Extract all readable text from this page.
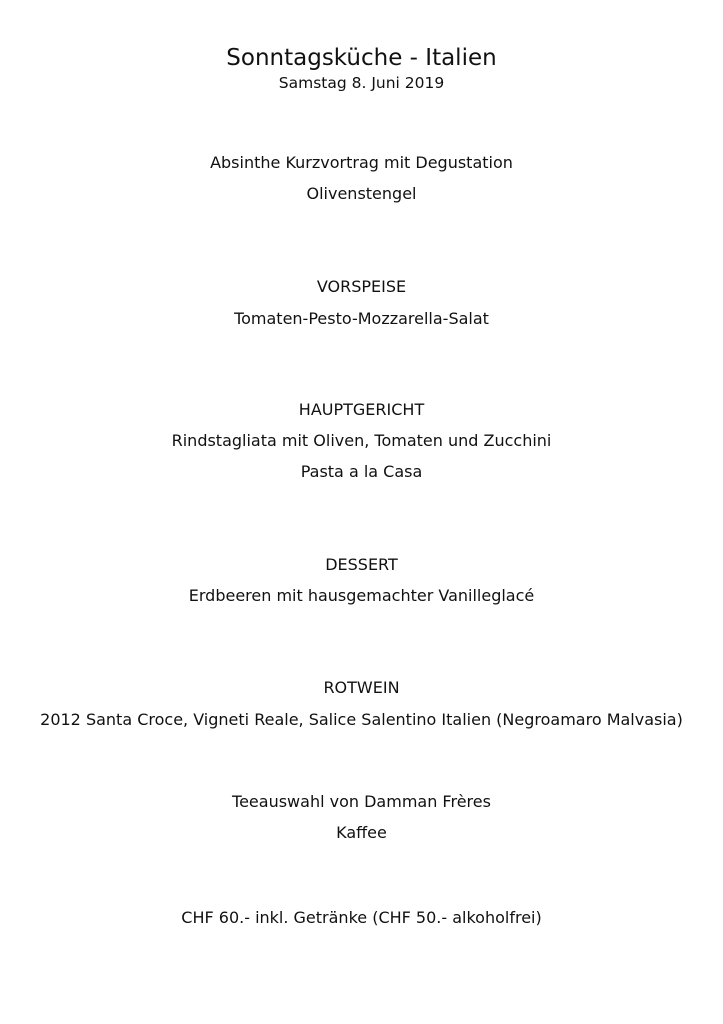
Sonntagsküche - Italien
Samstag 8. Juni 2019
Absinthe Kurzvortrag mit Degustation
Olivenstengel
VORSPEISE
Tomaten-Pesto-Mozzarella-Salat
HAUPTGERICHT
Rindstagliata mit Oliven, Tomaten und Zucchini
Pasta a la Casa
DESSERT
Erdbeeren mit hausgemachter Vanilleglacé
ROTWEIN
2012 Santa Croce, Vigneti Reale, Salice Salentino Italien (Negroamaro Malvasia)
Teeauswahl von Damman Frères
Kaffee
CHF 60.- inkl. Getränke (CHF 50.- alkoholfrei)
